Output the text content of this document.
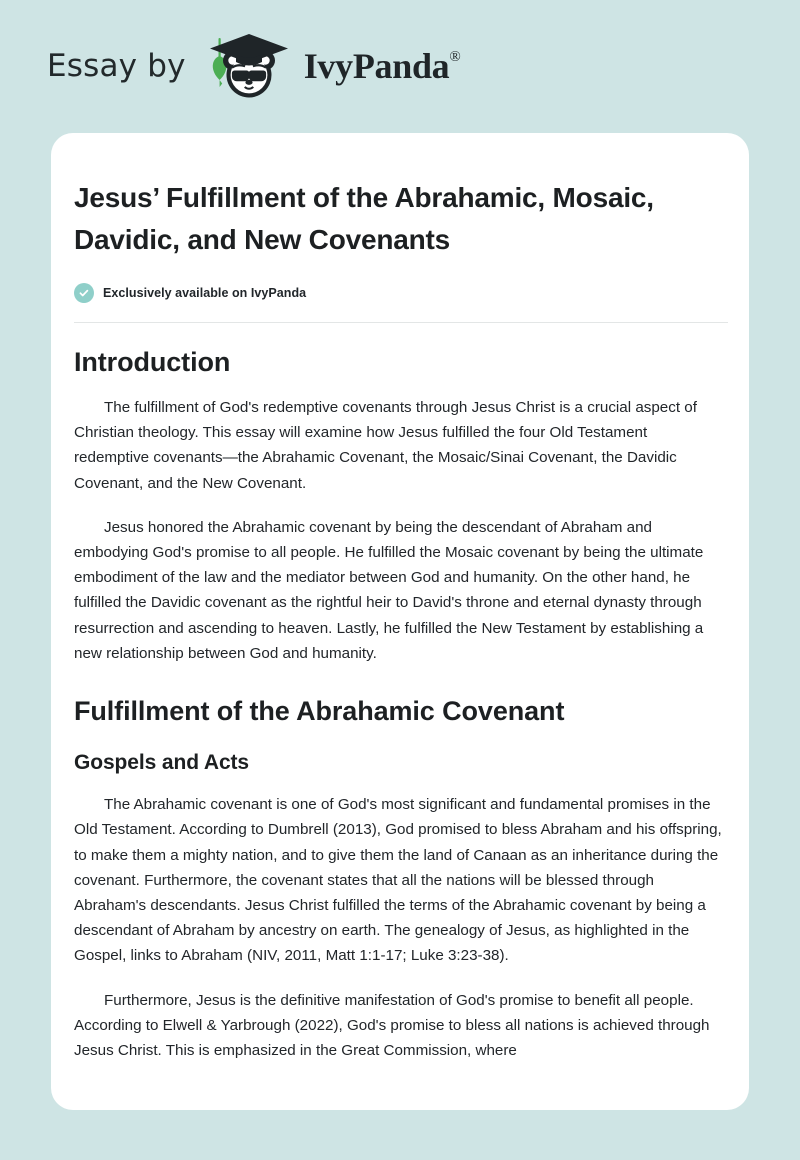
Essay by	IvyPanda®
Jesus’ Fulfillment of the Abrahamic, Mosaic, Davidic, and New Covenants
Exclusively available on IvyPanda
Introduction

The fulfillment of God's redemptive covenants through Jesus Christ is a crucial aspect of Christian theology. This essay will examine how Jesus fulfilled the four Old Testament redemptive covenants—the Abrahamic Covenant, the Mosaic/Sinai Covenant, the Davidic Covenant, and the New Covenant.

Jesus honored the Abrahamic covenant by being the descendant of Abraham and embodying God's promise to all people. He fulfilled the Mosaic covenant by being the ultimate embodiment of the law and the mediator between God and humanity. On the other hand, he fulfilled the Davidic covenant as the rightful heir to David's throne and eternal dynasty through resurrection and ascending to heaven. Lastly, he fulfilled the New Testament by establishing a new relationship between God and humanity.

Fulfillment of the Abrahamic Covenant
Gospels and Acts

The Abrahamic covenant is one of God's most significant and fundamental promises in the Old Testament. According to Dumbrell (2013), God promised to bless Abraham and his offspring, to make them a mighty nation, and to give them the land of Canaan as an inheritance during the covenant. Furthermore, the covenant states that all the nations will be blessed through Abraham's descendants. Jesus Christ fulfilled the terms of the Abrahamic covenant by being a descendant of Abraham by ancestry on earth. The genealogy of Jesus, as highlighted in the Gospel, links to Abraham (NIV, 2011, Matt 1:1-17; Luke 3:23-38).

Furthermore, Jesus is the definitive manifestation of God's promise to benefit all people. According to Elwell & Yarbrough (2022), God's promise to bless all nations is achieved through Jesus Christ. This is emphasized in the Great Commission, where
